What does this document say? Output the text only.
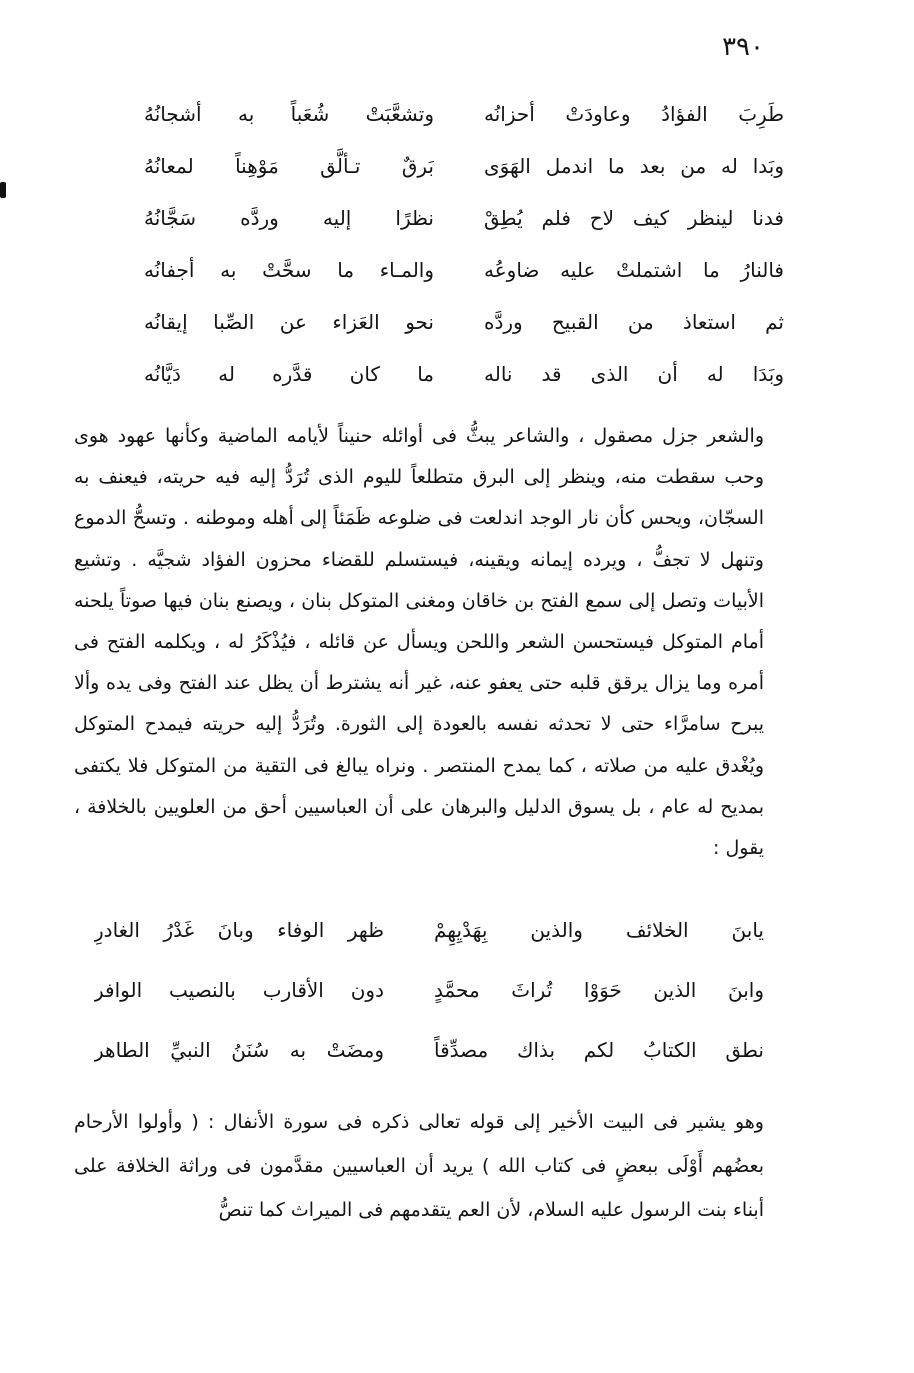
٣٩٠
طَرِبَ الفؤادُ وعاودَتْ أحزانُه
وتشعَّبَتْ شُعَباً به أشجانُهُ
وبَدا له من بعد ما اندمل الهَوَى
بَرقٌ تـألَّق مَوْهِناً لمعانُهُ
فدنا لينظر كيف لاح فلم يُطِقْ
نظرًا إليه وردَّه سَجَّانُهُ
فالنارُ ما اشتملتْ عليه ضاوعُه
والمـاء ما سحَّتْ به أجفانُه
ثم استعاذ من القبيح وردَّه
نحو العَزاء عن الصِّبا إيقانُه
وبَدَا له أن الذى قد ناله
ما كان قدَّره له دَيَّانُه

والشعر جزل مصقول ، والشاعر يبثُّ فى أوائله حنيناً لأيامه الماضية وكأنها عهود هوى وحب سقطت منه، وينظر إلى البرق متطلعاً لليوم الذى تُرَدُّ إليه فيه حريته، فيعنف به السجّان، ويحس كأن نار الوجد اندلعت فى ضلوعه ظَمَئاً إلى أهله وموطنه . وتسحُّ الدموع وتنهل لا تجفُّ ، ويرده إيمانه ويقينه، فيستسلم للقضاء محزون الفؤاد شجيَّه . وتشيع الأبيات وتصل إلى سمع الفتح بن خاقان ومغنى المتوكل بنان ، ويصنع بنان فيها صوتاً يلحنه أمام المتوكل فيستحسن الشعر واللحن ويسأل عن قائله ، فيُذْكَرُ له ، ويكلمه الفتح فى أمره وما يزال يرقق قلبه حتى يعفو عنه، غير أنه يشترط أن يظل عند الفتح وفى يده وألا يبرح سامرَّاء حتى لا تحدثه نفسه بالعودة إلى الثورة. وتُرَدُّ إليه حريته فيمدح المتوكل ويُغْدق عليه من صلاته ، كما يمدح المنتصر . ونراه يبالغ فى التقية من المتوكل فلا يكتفى بمديح له عام ، بل يسوق الدليل والبرهان على أن العباسيين أحق من العلويين بالخلافة ، يقول :

يابنَ الخلائف والذين بِهَدْيِهِمْ
ظهر الوفاء وبانَ غَدْرُ الغادرِ
وابنَ الذين حَوَوْا تُراثَ محمَّدٍ
دون الأقارب بالنصيب الوافر
نطق الكتابُ لكم بذاك مصدِّقاً
ومضَتْ به سُنَنُ النبيِّ الطاهر

وهو يشير فى البيت الأخير إلى قوله تعالى ذكره فى سورة الأنفال : ( وأولوا الأرحام بعضُهم أَوْلَى ببعضٍ فى كتاب الله ) يريد أن العباسيين مقدَّمون فى وراثة الخلافة على أبناء بنت الرسول عليه السلام، لأن العم يتقدمهم فى الميراث كما تنصُّ
